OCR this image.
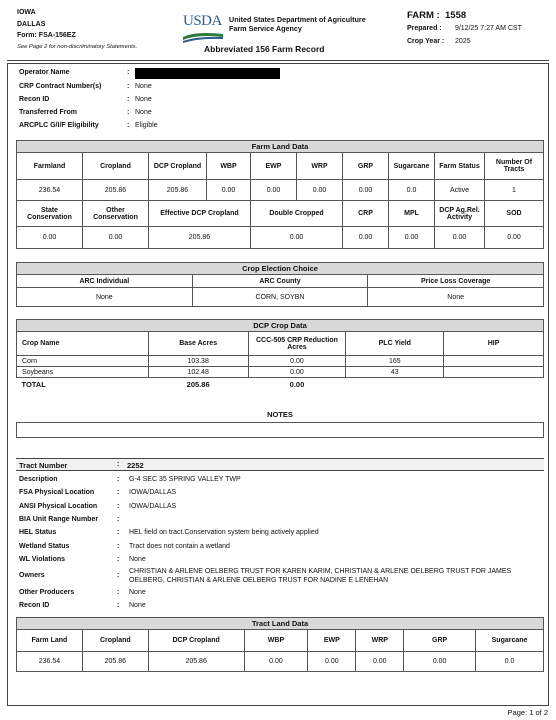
IOWA
DALLAS
Form: FSA-156EZ
See Page 2 for non-discriminatory Statements.
USDA United States Department of Agriculture
Farm Service Agency
Abbreviated 156 Farm Record
FARM : 1558
Prepared : 9/12/25 7:27 AM CST
Crop Year : 2025
Operator Name	:
CRP Contract Number(s)	: None
Recon ID	: None
Transferred From	: None
ARCPLC G/I/F Eligibility	: Eligible
Farm Land Data									
Farmland	Cropland	DCP Cropland	WBP	EWP	WRP	GRP	Sugarcane	Farm Status	Number Of Tracts
236.54	205.86	205.86	0.00	0.00	0.00	0.00	0.0	Active	1
State Conservation	Other Conservation	Effective DCP Cropland		Double Cropped		CRP	MPL	DCP Ag.Rel. Activity	SOD
0.00	0.00	205.86		0.00		0.00	0.00	0.00	0.00
Crop Election Choice		
ARC Individual	ARC County	Price Loss Coverage
None	CORN, SOYBN	None
DCP Crop Data				
Crop Name	Base Acres	CCC-505 CRP Reduction Acres	PLC Yield	HIP
Corn	103.38	0.00	165	
Soybeans	102.48	0.00	43	
TOTAL	205.86	0.00		
NOTES
Tract Number	: 2252
Description	: G-4 SEC 35 SPRING VALLEY TWP
FSA Physical Location	: IOWA/DALLAS
ANSI Physical Location	: IOWA/DALLAS
BIA Unit Range Number	:
HEL Status	: HEL field on tract.Conservation system being actively applied
Wetland Status	: Tract does not contain a wetland
WL Violations	: None
Owners	:
CHRISTIAN & ARLENE OELBERG TRUST FOR KAREN KARIM, CHRISTIAN & ARLENE OELBERG TRUST FOR JAMES OELBERG, CHRISTIAN & ARLENE OELBERG TRUST FOR NADINE E LENEHAN
Other Producers	: None
Recon ID	: None
Tract Land Data							
Farm Land	Cropland	DCP Cropland	WBP	EWP	WRP	GRP	Sugarcane
236.54	205.86	205.86	0.00	0.00	0.00	0.00	0.0
Page: 1 of 2
